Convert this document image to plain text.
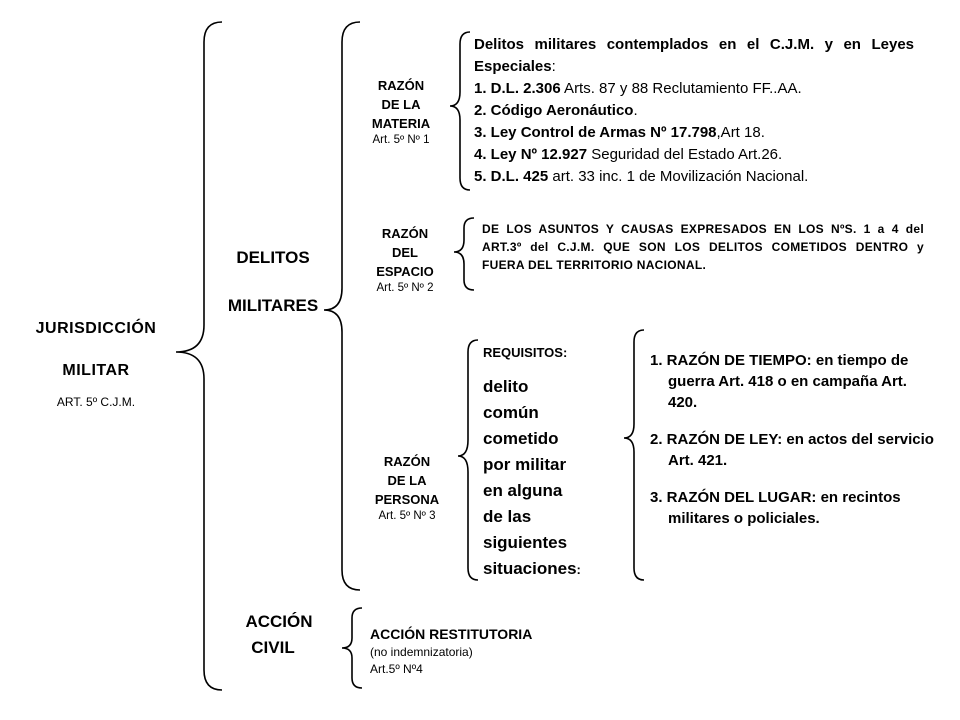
JURISDICCIÓN
MILITAR
ART. 5º C.J.M.
DELITOS
MILITARES
RAZÓN
DE LA
MATERIA
Art. 5º Nº 1
Delitos militares contemplados en el C.J.M. y en Leyes Especiales:
1. D.L. 2.306 Arts. 87 y 88 Reclutamiento FF..AA.
2. Código Aeronáutico.
3. Ley Control de Armas Nº 17.798,Art 18.
4. Ley Nº 12.927 Seguridad del Estado Art.26.
5. D.L. 425 art. 33 inc. 1 de Movilización Nacional.
RAZÓN
DEL
ESPACIO
Art. 5º Nº 2
DE LOS ASUNTOS Y CAUSAS EXPRESADOS EN LOS NºS. 1 a 4 del ART.3º del C.J.M. QUE SON LOS DELITOS COMETIDOS DENTRO y FUERA DEL TERRITORIO NACIONAL.
RAZÓN
DE LA
PERSONA
Art. 5º Nº 3
REQUISITOS:
delito
común
cometido
por militar
en alguna
de las
siguientes
situaciones:
1. RAZÓN DE TIEMPO: en tiempo de guerra Art. 418 o en campaña Art. 420.
2. RAZÓN DE LEY: en actos del servicio Art. 421.
3. RAZÓN DEL LUGAR: en recintos militares o policiales.
ACCIÓN
CIVIL
ACCIÓN RESTITUTORIA
(no indemnizatoria)
Art.5º Nº4
